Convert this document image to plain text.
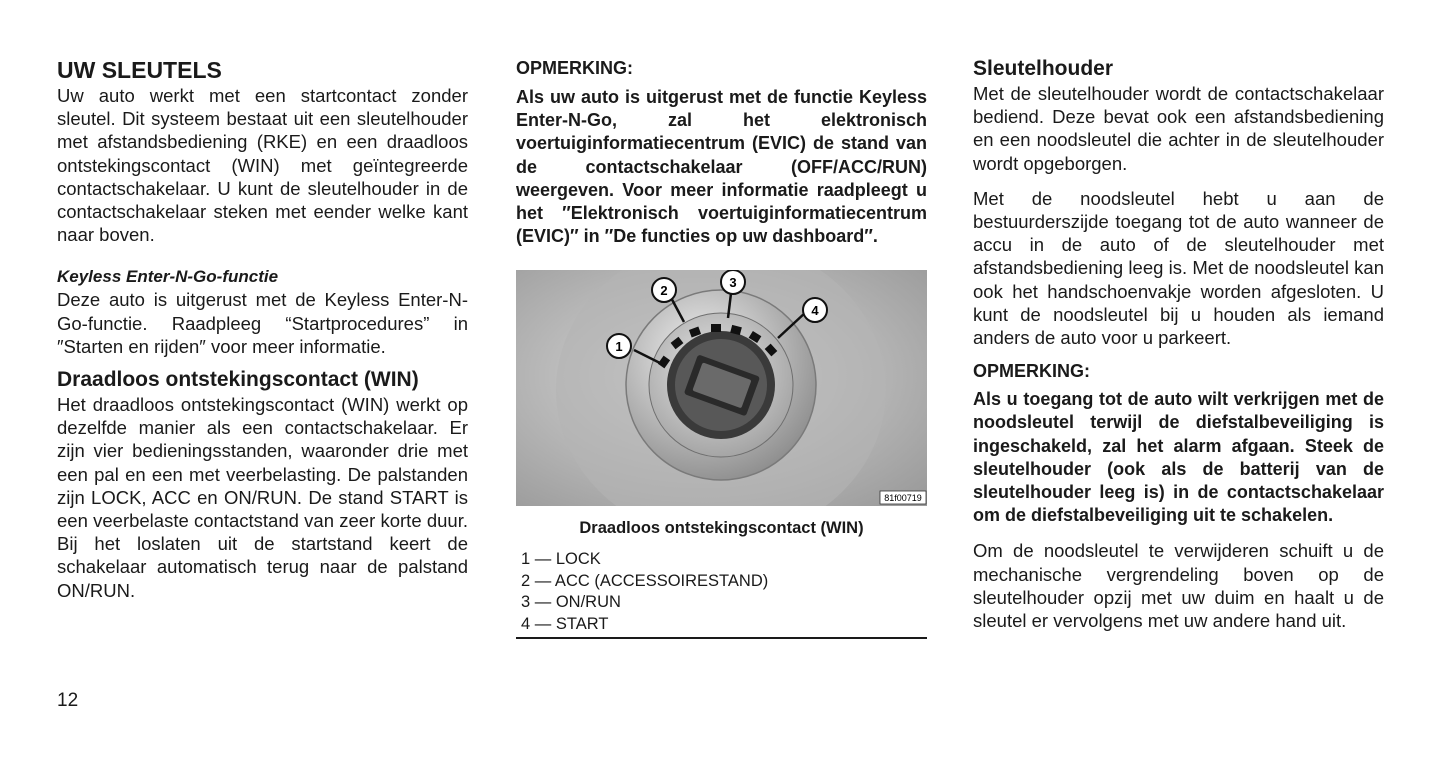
UW SLEUTELS

Uw auto werkt met een startcontact zonder sleutel. Dit systeem bestaat uit een sleutelhouder met afstandsbediening (RKE) en een draadloos ontstekingscontact (WIN) met geïntegreerde contactschakelaar. U kunt de sleutelhouder in de contactschakelaar steken met eender welke kant naar boven.

Keyless Enter-N-Go-functie

Deze auto is uitgerust met de Keyless Enter-N-Go-functie. Raadpleeg “Startprocedures” in ″Starten en rijden″ voor meer informatie.

Draadloos ontstekingscontact (WIN)

Het draadloos ontstekingscontact (WIN) werkt op dezelfde manier als een contactschakelaar. Er zijn vier bedieningsstanden, waaronder drie met een pal en een met veerbelasting. De palstanden zijn LOCK, ACC en ON/RUN. De stand START is een veerbelaste contactstand van zeer korte duur. Bij het loslaten uit de startstand keert de schakelaar automatisch terug naar de palstand ON/RUN.

OPMERKING:

Als uw auto is uitgerust met de functie Keyless Enter-N-Go, zal het elektronisch voertuiginformatiecentrum (EVIC) de stand van de contactschakelaar (OFF/ACC/RUN) weergeven. Voor meer informatie raadpleegt u het ″Elektronisch voertuiginformatiecentrum (EVIC)″ in ″De functies op uw dashboard″.

1
2
3
4
81f00719
Draadloos ontstekingscontact (WIN)
1 — LOCK
2 — ACC (ACCESSOIRESTAND)
3 — ON/RUN
4 — START
Sleutelhouder

Met de sleutelhouder wordt de contactschakelaar bediend. Deze bevat ook een afstandsbediening en een noodsleutel die achter in de sleutelhouder wordt opgeborgen.

Met de noodsleutel hebt u aan de bestuurderszijde toegang tot de auto wanneer de accu in de auto of de sleutelhouder met afstandsbediening leeg is. Met de noodsleutel kan ook het handschoenvakje worden afgesloten. U kunt de noodsleutel bij u houden als iemand anders de auto voor u parkeert.

OPMERKING:

Als u toegang tot de auto wilt verkrijgen met de noodsleutel terwijl de diefstalbeveiliging is ingeschakeld, zal het alarm afgaan. Steek de sleutelhouder (ook als de batterij van de sleutelhouder leeg is) in de contactschakelaar om de diefstalbeveiliging uit te schakelen.

Om de noodsleutel te verwijderen schuift u de mechanische vergrendeling boven op de sleutelhouder opzij met uw duim en haalt u de sleutel er vervolgens met uw andere hand uit.

12
